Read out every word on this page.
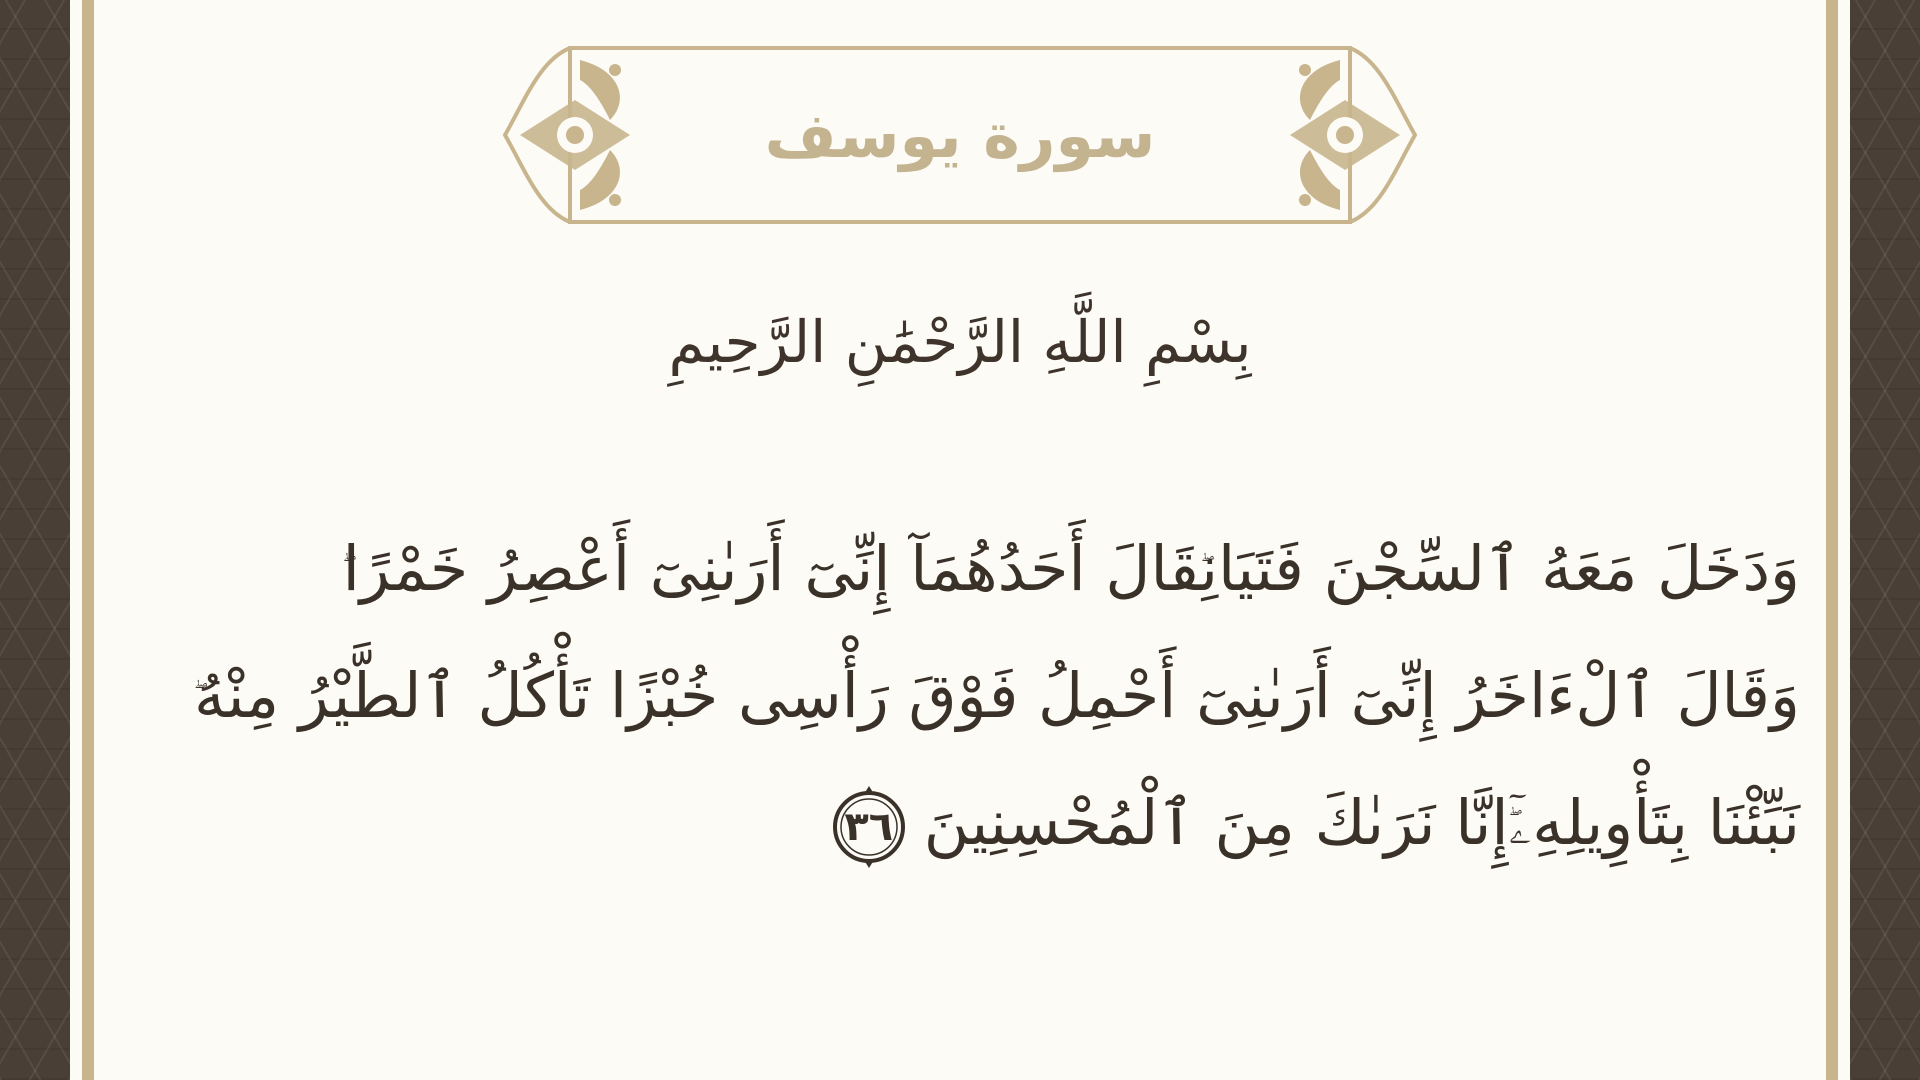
سورة يوسف
بِسْمِ اللَّهِ الرَّحْمَٰنِ الرَّحِيمِ
وَدَخَلَ مَعَهُ ٱلسِّجْنَ فَتَيَانِقَالَ أَحَدُهُمَآ إِنِّىٓ أَرَىٰنِىٓ أَعْصِرُ خَمْرًا
وَقَالَ ٱلْءَاخَرُ إِنِّىٓ أَرَىٰنِىٓ أَحْمِلُ فَوْقَ رَأْسِى خُبْزًا تَأْكُلُ ٱلطَّيْرُ مِنْهُ
نَبِّئْنَا بِتَأْوِيلِهِۦٓإِنَّا نَرَىٰكَ مِنَ ٱلْمُحْسِنِينَ
٣٦
